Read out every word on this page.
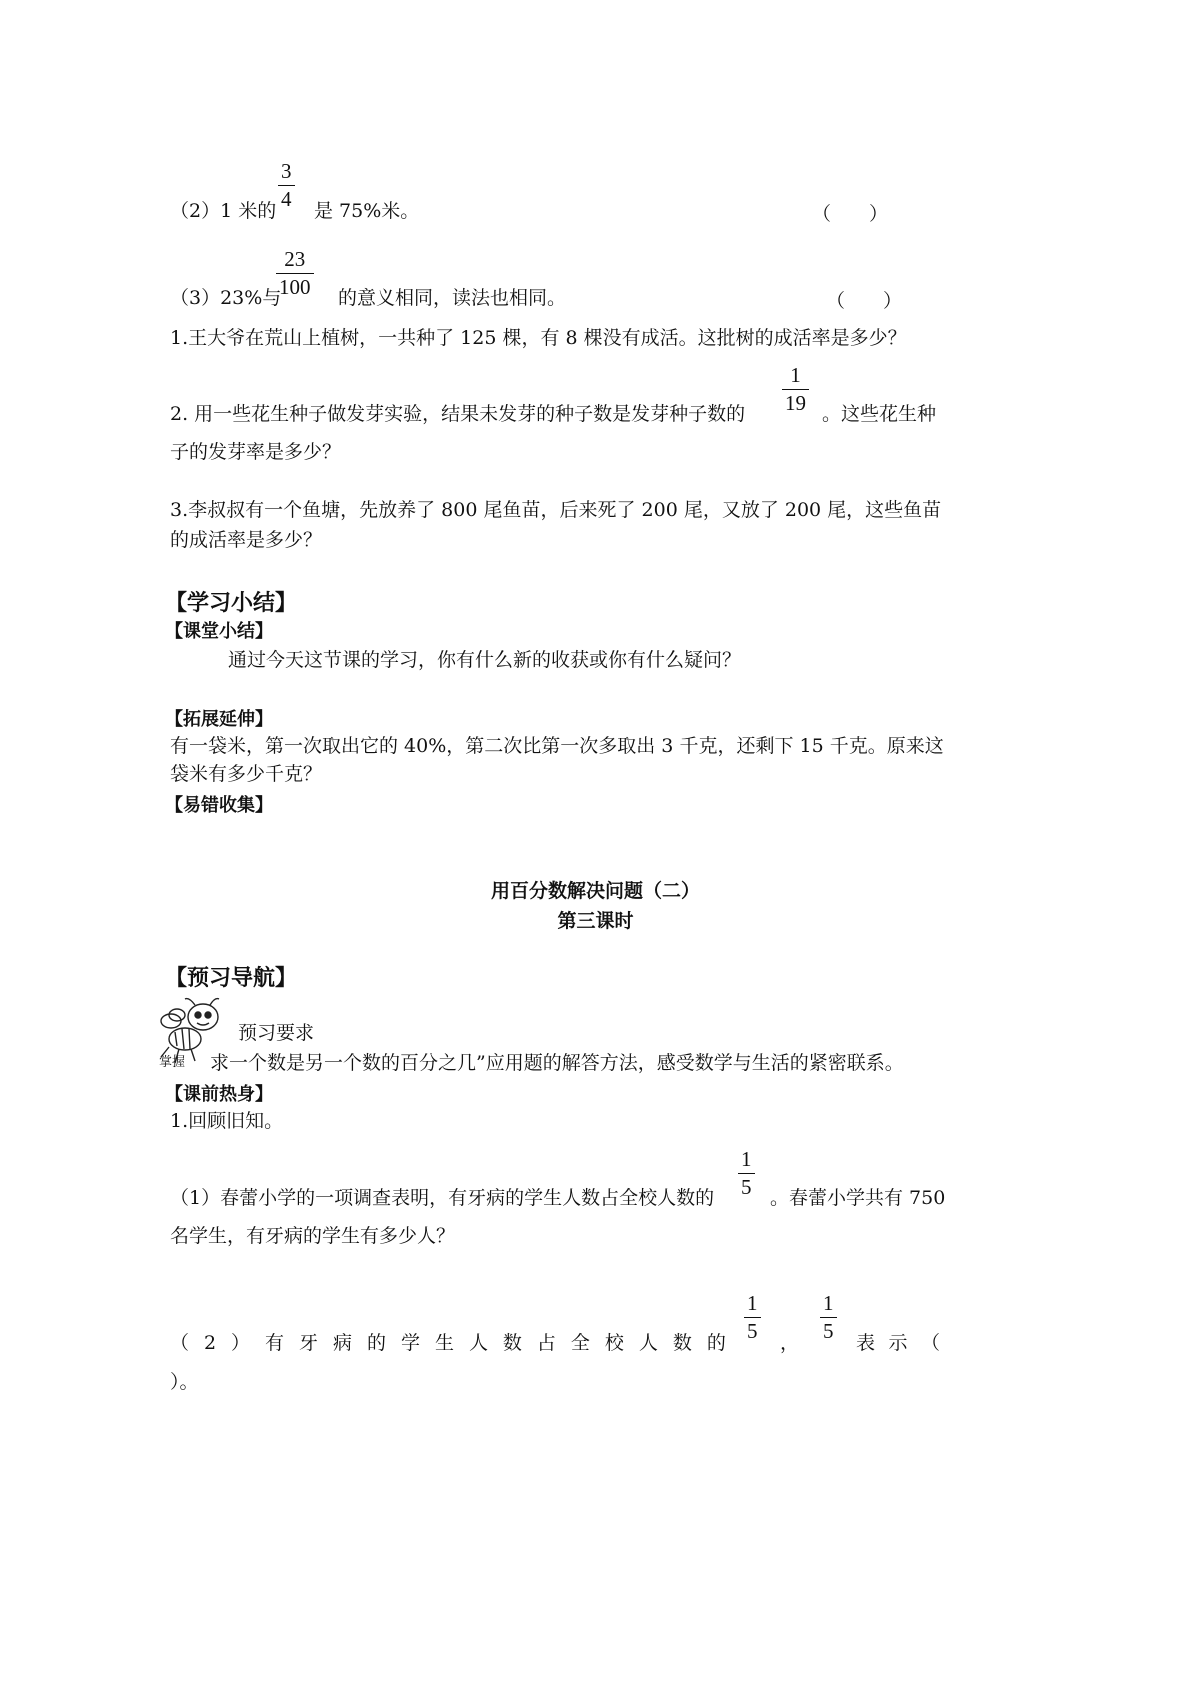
（2）1 米的 $\frac{3}{4}$ 是 75%米。	（　　）
（3）23%与
$\frac{23}{100}$ 的意义相同，读法也相同。	（　　）
1.王大爷在荒山上植树，一共种了 125 棵，有 8 棵没有成活。这批树的成活率是多少？
2. 用一些花生种子做发芽实验，结果未发芽的种子数是发芽种子数的 $\frac{1}{19}$ 。这些花生种
子的发芽率是多少？
3.李叔叔有一个鱼塘，先放养了 800 尾鱼苗，后来死了 200 尾，又放了 200 尾，这些鱼苗
的成活率是多少？
【学习小结】
【课堂小结】
通过今天这节课的学习，你有什么新的收获或你有什么疑问？
【拓展延伸】
有一袋米，第一次取出它的 40%，第二次比第一次多取出 3 千克，还剩下 15 千克。原来这
袋米有多少千克？
【易错收集】
用百分数解决问题（二）
第三课时
【预习导航】
预习要求
掌握 求一个数是另一个数的百分之几”应用题的解答方法，感受数学与生活的紧密联系。
【课前热身】
1.回顾旧知。
（1）春蕾小学的一项调查表明，有牙病的学生人数占全校人数的 $\frac{1}{5}$ 。春蕾小学共有 750
名学生，有牙病的学生有多少人？
（ 2 ） 有 牙 病 的 学 生 人 数 占 全 校 人 数 的 $\frac{1}{5}$ ， $\frac{1}{5}$ 表 示 （
）。
